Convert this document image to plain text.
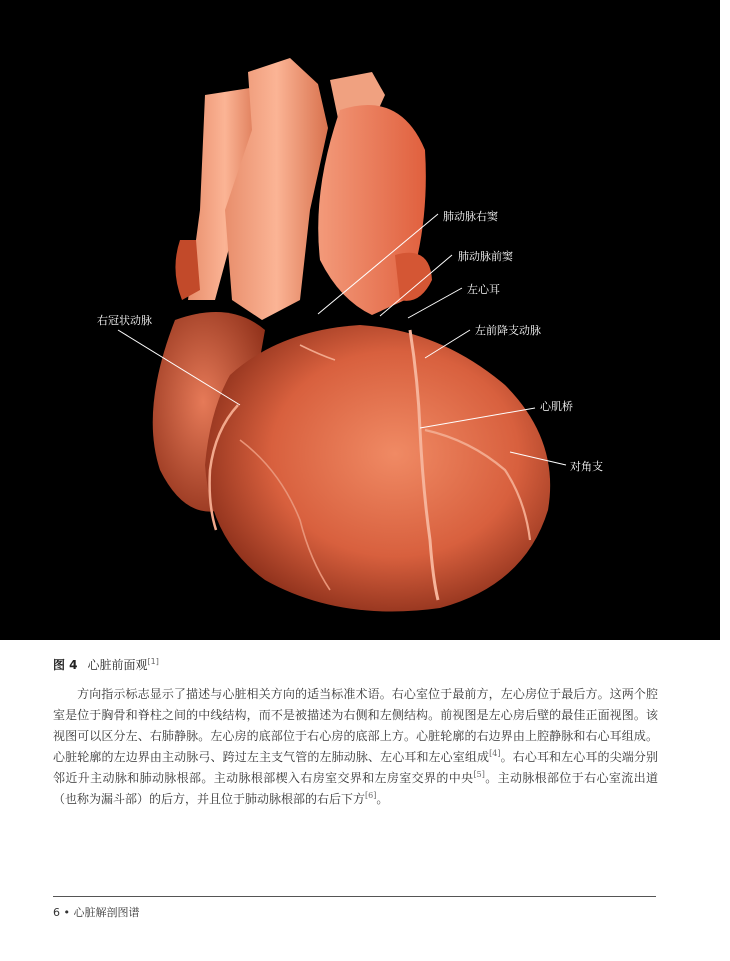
肺动脉右窦
肺动脉前窦
左心耳
右冠状动脉
左前降支动脉
心肌桥
对角支
图 4 心脏前面观[1]
方向指示标志显示了描述与心脏相关方向的适当标准术语。右心室位于最前方，左心房位于最后方。这两个腔室是位于胸骨和脊柱之间的中线结构，而不是被描述为右侧和左侧结构。前视图是左心房后壁的最佳正面视图。该视图可以区分左、右肺静脉。左心房的底部位于右心房的底部上方。心脏轮廓的右边界由上腔静脉和右心耳组成。心脏轮廓的左边界由主动脉弓、跨过左主支气管的左肺动脉、左心耳和左心室组成[4]。右心耳和左心耳的尖端分别邻近升主动脉和肺动脉根部。主动脉根部楔入右房室交界和左房室交界的中央[5]。主动脉根部位于右心室流出道（也称为漏斗部）的后方，并且位于肺动脉根部的右后下方[6]。
6 • 心脏解剖图谱
